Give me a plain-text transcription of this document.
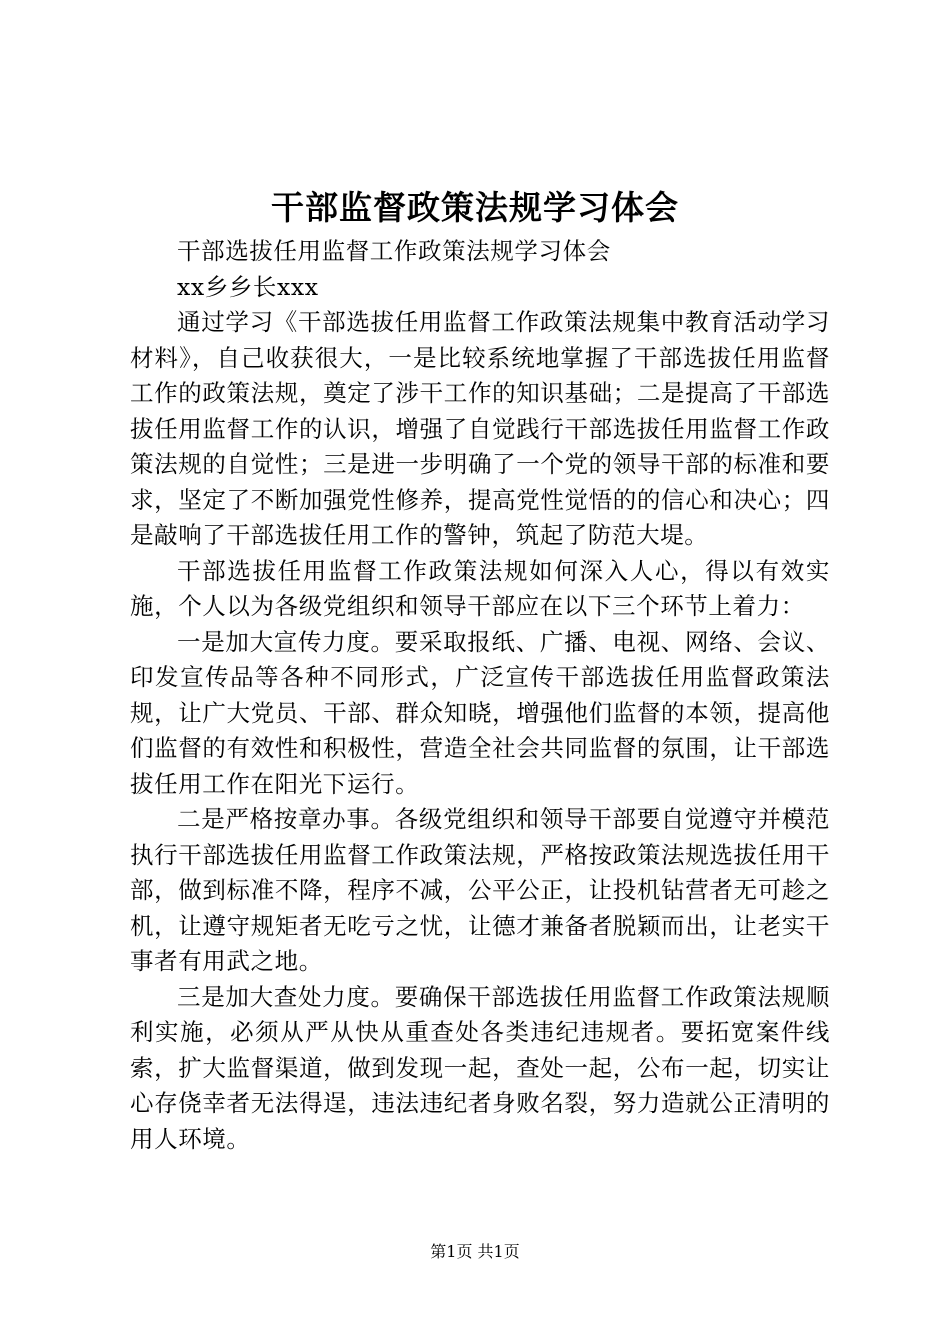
干部监督政策法规学习体会

干部选拔任用监督工作政策法规学习体会

xx乡乡长xxx

通过学习《干部选拔任用监督工作政策法规集中教育活动学习材料》，自己收获很大，一是比较系统地掌握了干部选拔任用监督工作的政策法规，奠定了涉干工作的知识基础；二是提高了干部选拔任用监督工作的认识，增强了自觉践行干部选拔任用监督工作政策法规的自觉性；三是进一步明确了一个党的领导干部的标准和要求，坚定了不断加强党性修养，提高党性觉悟的的信心和决心；四是敲响了干部选拔任用工作的警钟，筑起了防范大堤。

干部选拔任用监督工作政策法规如何深入人心，得以有效实施，个人以为各级党组织和领导干部应在以下三个环节上着力：

一是加大宣传力度。要采取报纸、广播、电视、网络、会议、印发宣传品等各种不同形式，广泛宣传干部选拔任用监督政策法规，让广大党员、干部、群众知晓，增强他们监督的本领，提高他们监督的有效性和积极性，营造全社会共同监督的氛围，让干部选拔任用工作在阳光下运行。

二是严格按章办事。各级党组织和领导干部要自觉遵守并模范执行干部选拔任用监督工作政策法规，严格按政策法规选拔任用干部，做到标准不降，程序不减，公平公正，让投机钻营者无可趁之机，让遵守规矩者无吃亏之忧，让德才兼备者脱颖而出，让老实干事者有用武之地。

三是加大查处力度。要确保干部选拔任用监督工作政策法规顺利实施，必须从严从快从重查处各类违纪违规者。要拓宽案件线索，扩大监督渠道，做到发现一起，查处一起，公布一起，切实让心存侥幸者无法得逞，违法违纪者身败名裂，努力造就公正清明的用人环境。

第1页 共1页
